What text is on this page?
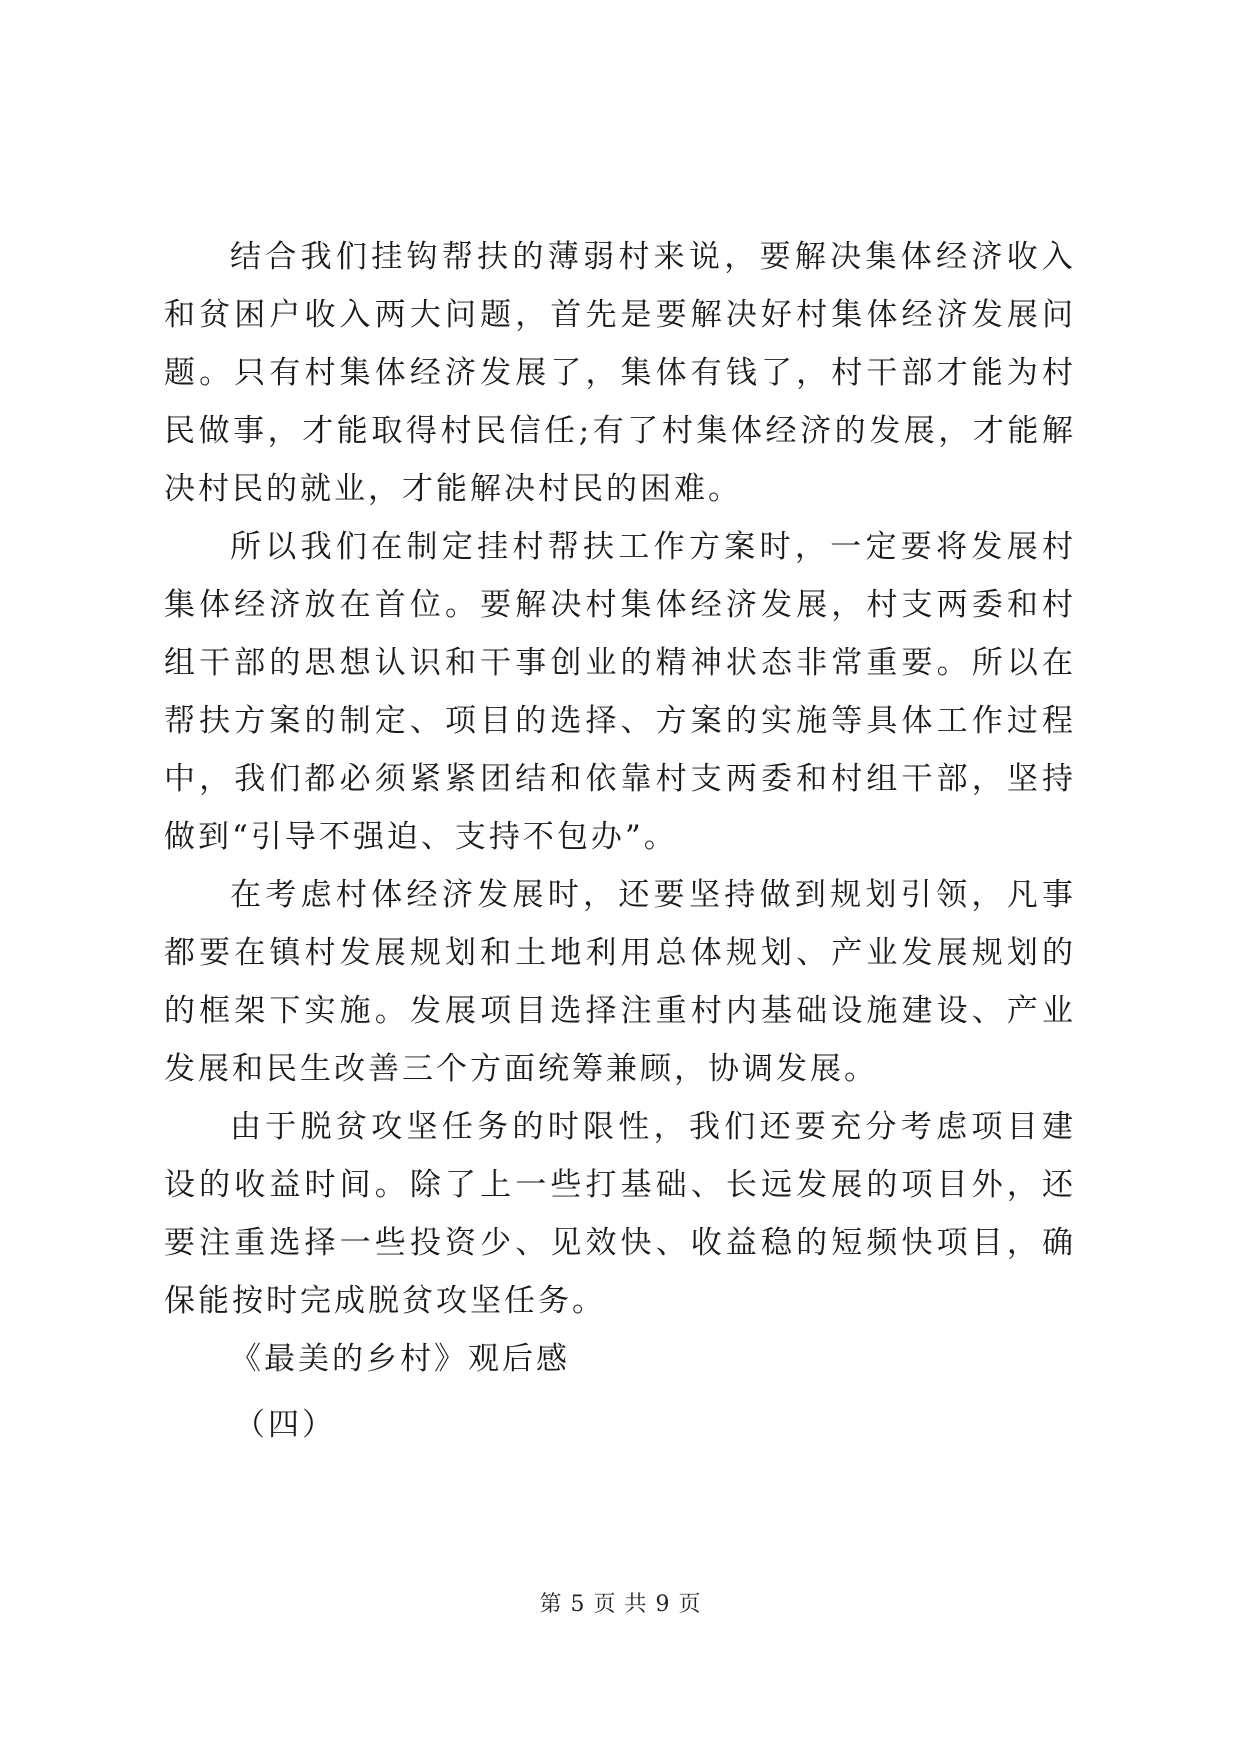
结合我们挂钩帮扶的薄弱村来说，要解决集体经济收入和贫困户收入两大问题，首先是要解决好村集体经济发展问题。只有村集体经济发展了，集体有钱了，村干部才能为村民做事，才能取得村民信任;有了村集体经济的发展，才能解决村民的就业，才能解决村民的困难。

所以我们在制定挂村帮扶工作方案时，一定要将发展村集体经济放在首位。要解决村集体经济发展，村支两委和村组干部的思想认识和干事创业的精神状态非常重要。所以在帮扶方案的制定、项目的选择、方案的实施等具体工作过程中，我们都必须紧紧团结和依靠村支两委和村组干部，坚持做到“引导不强迫、支持不包办”。

在考虑村体经济发展时，还要坚持做到规划引领，凡事都要在镇村发展规划和土地利用总体规划、产业发展规划的的框架下实施。发展项目选择注重村内基础设施建设、产业发展和民生改善三个方面统筹兼顾，协调发展。

由于脱贫攻坚任务的时限性，我们还要充分考虑项目建设的收益时间。除了上一些打基础、长远发展的项目外，还要注重选择一些投资少、见效快、收益稳的短频快项目，确保能按时完成脱贫攻坚任务。

《最美的乡村》观后感

（四）

第 5 页 共 9 页
